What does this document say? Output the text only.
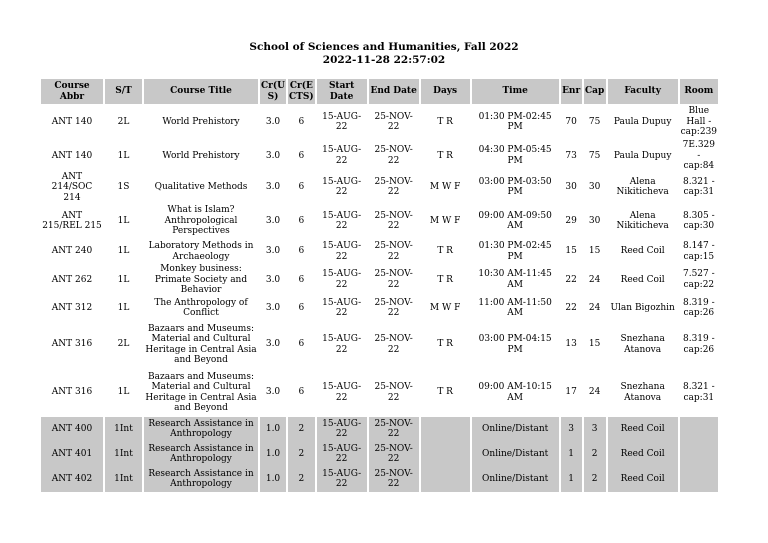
School of Sciences and Humanities, Fall 2022
2022-11-28 22:57:02
Course Abbr	S/T	Course Title	Cr(U S)	Cr(E CTS)	Start Date	End Date	Days	Time	Enr	Cap	Faculty	Room
ANT 140	2L	World Prehistory	3.0	6	15-AUG-22	25-NOV-22	T R	01:30 PM-02:45 PM	70	75	Paula Dupuy	Blue Hall - cap:239
ANT 140	1L	World Prehistory	3.0	6	15-AUG-22	25-NOV-22	T R	04:30 PM-05:45 PM	73	75	Paula Dupuy	7E.329 - cap:84
ANT 214/SOC 214	1S	Qualitative Methods	3.0	6	15-AUG-22	25-NOV-22	M W F	03:00 PM-03:50 PM	30	30	Alena Nikiticheva	8.321 - cap:31
ANT 215/REL 215	1L	What is Islam? Anthropological Perspectives	3.0	6	15-AUG-22	25-NOV-22	M W F	09:00 AM-09:50 AM	29	30	Alena Nikiticheva	8.305 - cap:30
ANT 240	1L	Laboratory Methods in Archaeology	3.0	6	15-AUG-22	25-NOV-22	T R	01:30 PM-02:45 PM	15	15	Reed Coil	8.147 - cap:15
ANT 262	1L	Monkey business: Primate Society and Behavior	3.0	6	15-AUG-22	25-NOV-22	T R	10:30 AM-11:45 AM	22	24	Reed Coil	7.527 - cap:22
ANT 312	1L	The Anthropology of Conflict	3.0	6	15-AUG-22	25-NOV-22	M W F	11:00 AM-11:50 AM	22	24	Ulan Bigozhin	8.319 - cap:26
ANT 316	2L	Bazaars and Museums: Material and Cultural Heritage in Central Asia and Beyond	3.0	6	15-AUG-22	25-NOV-22	T R	03:00 PM-04:15 PM	13	15	Snezhana Atanova	8.319 - cap:26
ANT 316	1L	Bazaars and Museums: Material and Cultural Heritage in Central Asia and Beyond	3.0	6	15-AUG-22	25-NOV-22	T R	09:00 AM-10:15 AM	17	24	Snezhana Atanova	8.321 - cap:31
ANT 400	1Int	Research Assistance in Anthropology	1.0	2	15-AUG-22	25-NOV-22		Online/Distant	3	3	Reed Coil	
ANT 401	1Int	Research Assistance in Anthropology	1.0	2	15-AUG-22	25-NOV-22		Online/Distant	1	2	Reed Coil	
ANT 402	1Int	Research Assistance in Anthropology	1.0	2	15-AUG-22	25-NOV-22		Online/Distant	1	2	Reed Coil	
